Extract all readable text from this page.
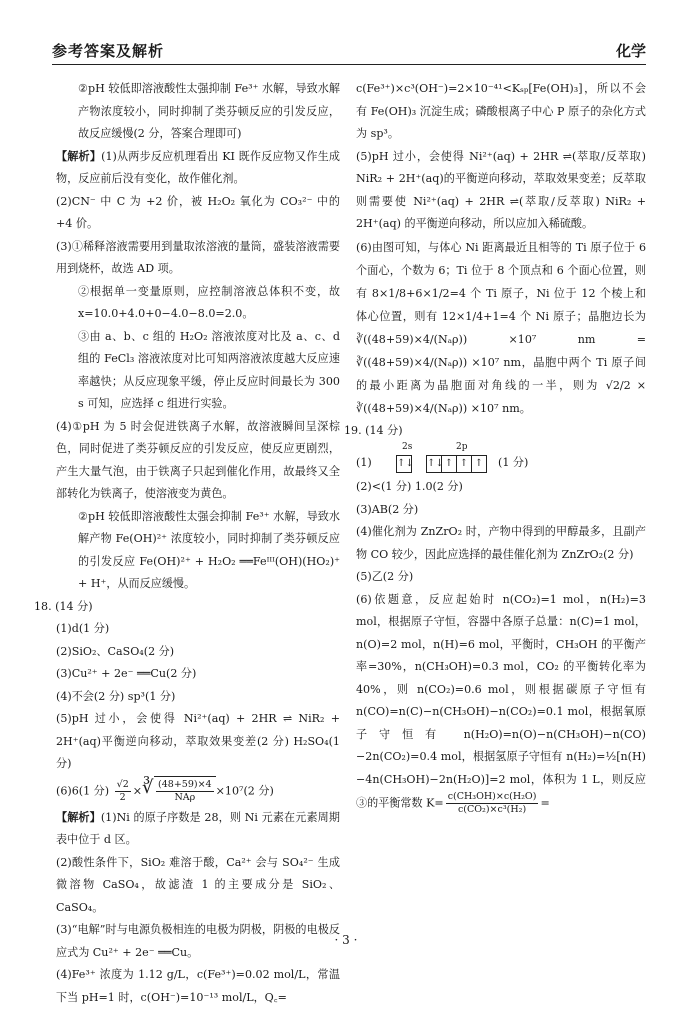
参考答案及解析	化学

②pH 较低即溶液酸性太强抑制 Fe³⁺ 水解，导致水解产物浓度较小，同时抑制了类芬顿反应的引发反应，故反应缓慢(2 分，答案合理即可)

【解析】(1)从两步反应机理看出 KI 既作反应物又作生成物，反应前后没有变化，故作催化剂。

(2)CN⁻ 中 C 为 +2 价，被 H₂O₂ 氧化为 CO₃²⁻ 中的 +4 价。

(3)①稀释溶液需要用到量取浓溶液的量筒，盛装溶液需要用到烧杯，故选 AD 项。

②根据单一变量原则，应控制溶液总体积不变，故 x=10.0+4.0+0−4.0−8.0=2.0。

③由 a、b、c 组的 H₂O₂ 溶液浓度对比及 a、c、d 组的 FeCl₃ 溶液浓度对比可知两溶液浓度越大反应速率越快；从反应现象平缓，停止反应时间最长为 300 s 可知，应选择 c 组进行实验。

(4)①pH 为 5 时会促进铁离子水解，故溶液瞬间呈深棕色，同时促进了类芬顿反应的引发反应，使反应更剧烈，产生大量气泡，由于铁离子只起到催化作用，故最终又全部转化为铁离子，使溶液变为黄色。

②pH 较低即溶液酸性太强会抑制 Fe³⁺ 水解，导致水解产物 Fe(OH)²⁺ 浓度较小，同时抑制了类芬顿反应的引发反应 Fe(OH)²⁺ + H₂O₂ ══Feᴵᴵᴵ(OH)(HO₂)⁺ + H⁺，从而反应缓慢。

18. (14 分)

(1)d(1 分)

(2)SiO₂、CaSO₄(2 分)

(3)Cu²⁺ + 2e⁻ ══Cu(2 分)

(4)不会(2 分) sp³(1 分)

(5)pH 过小，会使得 Ni²⁺(aq) + 2HR ⇌ NiR₂ + 2H⁺(aq)平衡逆向移动，萃取效果变差(2 分) H₂SO₄(1 分)

(6)6(1 分) $\frac{√2}{2}$ × ∛ $\frac{(48+59)\times 4}{\text{NAρ}} \times 10^7(2$ 分)

【解析】(1)Ni 的原子序数是 28，则 Ni 元素在元素周期表中位于 d 区。

(2)酸性条件下，SiO₂ 难溶于酸，Ca²⁺ 会与 SO₄²⁻ 生成微溶物 CaSO₄，故滤渣 1 的主要成分是 SiO₂、CaSO₄。

(3)“电解”时与电源负极相连的电极为阴极，阴极的电极反应式为 Cu²⁺ + 2e⁻ ══Cu。

(4)Fe³⁺ 浓度为 1.12 g/L，c(Fe³⁺)=0.02 mol/L，常温下当 pH=1 时，c(OH⁻)=10⁻¹³ mol/L，Q꜀=

c(Fe³⁺)×c³(OH⁻)=2×10⁻⁴¹<Kₛₚ[Fe(OH)₃]，所以不会有 Fe(OH)₃ 沉淀生成；磷酸根离子中心 P 原子的杂化方式为 sp³。

(5)pH 过小，会使得 Ni²⁺(aq) + 2HR ⇌(萃取/反萃取) NiR₂ + 2H⁺(aq)的平衡逆向移动，萃取效果变差；反萃取则需要使 Ni²⁺(aq) + 2HR ⇌(萃取/反萃取) NiR₂ + 2H⁺(aq) 的平衡逆向移动，所以应加入稀硫酸。

(6)由图可知，与体心 Ni 距离最近且相等的 Ti 原子位于 6 个面心，个数为 6；Ti 位于 8 个顶点和 6 个面心位置，则有 8×1/8+6×1/2=4 个 Ti 原子，Ni 位于 12 个棱上和体心位置，则有 12×1/4+1=4 个 Ni 原子；晶胞边长为 ∛((48+59)×4/(Nₐρ)) ×10⁷ nm = ∛((48+59)×4/(Nₐρ)) ×10⁷ nm，晶胞中两个 Ti 原子间的最小距离为晶胞面对角线的一半，则为 √2/2 × ∛((48+59)×4/(Nₐρ)) ×10⁷ nm。

19. (14 分)

2s	2p
(1)	↑↓ ↑↓↑ ↑ ↑	(1 分)

(2)<(1 分) 1.0(2 分)

(3)AB(2 分)

(4)催化剂为 ZnZrO₂ 时，产物中得到的甲醇最多，且副产物 CO 较少，因此应选择的最佳催化剂为 ZnZrO₂(2 分)

(5)乙(2 分)

(6)依题意，反应起始时 n(CO₂)=1 mol，n(H₂)=3 mol，根据原子守恒，容器中各原子总量：n(C)=1 mol，n(O)=2 mol，n(H)=6 mol，平衡时，CH₃OH 的平衡产率=30%，n(CH₃OH)=0.3 mol，CO₂ 的平衡转化率为 40%，则 n(CO₂)=0.6 mol，则根据碳原子守恒有 n(CO)=n(C)−n(CH₃OH)−n(CO₂)=0.1 mol，根据氧原子守恒有 n(H₂O)=n(O)−n(CH₃OH)−n(CO)−2n(CO₂)=0.4 mol，根据氢原子守恒有 n(H₂)=½[n(H)−4n(CH₃OH)−2n(H₂O)]=2 mol，体积为 1 L，则反应③的平衡常数 $K= \frac{\text{c(CH₃OH)×c(H₂O)}}{\text{c(CO₂)×c³(H₂)}}$ =

· 3 ·
